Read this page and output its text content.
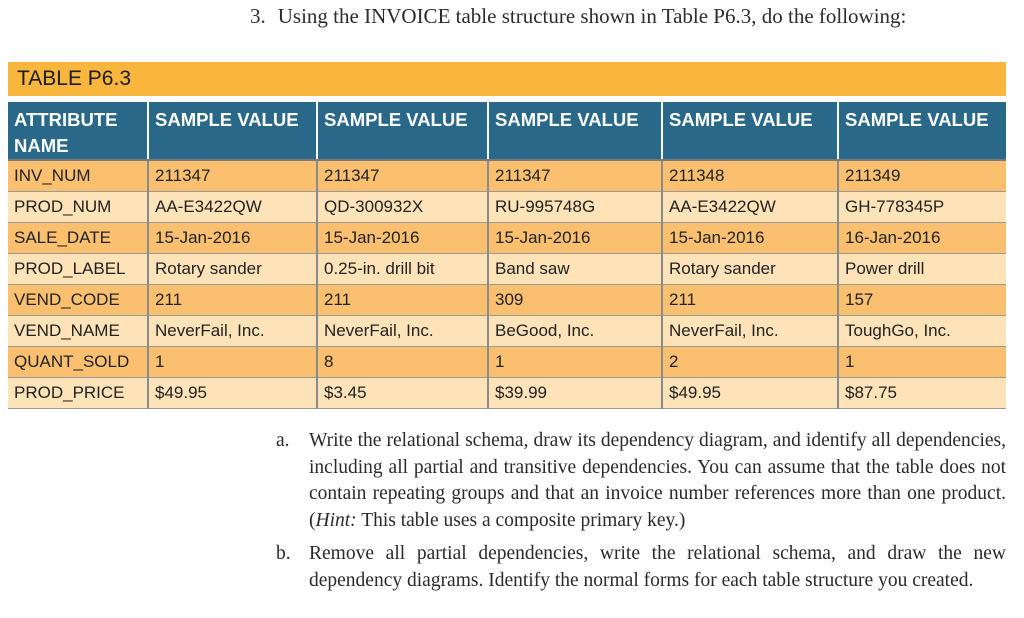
3. Using the INVOICE table structure shown in Table P6.3, do the following:
TABLE P6.3
ATTRIBUTE NAME	SAMPLE VALUE	SAMPLE VALUE	SAMPLE VALUE	SAMPLE VALUE	SAMPLE VALUE
INV_NUM	211347	211347	211347	211348	211349
PROD_NUM	AA-E3422QW	QD-300932X	RU-995748G	AA-E3422QW	GH-778345P
SALE_DATE	15-Jan-2016	15-Jan-2016	15-Jan-2016	15-Jan-2016	16-Jan-2016
PROD_LABEL	Rotary sander	0.25-in. drill bit	Band saw	Rotary sander	Power drill
VEND_CODE	211	211	309	211	157
VEND_NAME	NeverFail, Inc.	NeverFail, Inc.	BeGood, Inc.	NeverFail, Inc.	ToughGo, Inc.
QUANT_SOLD	1	8	1	2	1
PROD_PRICE	$49.95	$3.45	$39.99	$49.95	$87.75
a. Write the relational schema, draw its dependency diagram, and identify all dependencies, including all partial and transitive dependencies. You can assume that the table does not contain repeating groups and that an invoice number references more than one product. (Hint: This table uses a composite primary key.)
b. Remove all partial dependencies, write the relational schema, and draw the new dependency diagrams. Identify the normal forms for each table structure you created.
